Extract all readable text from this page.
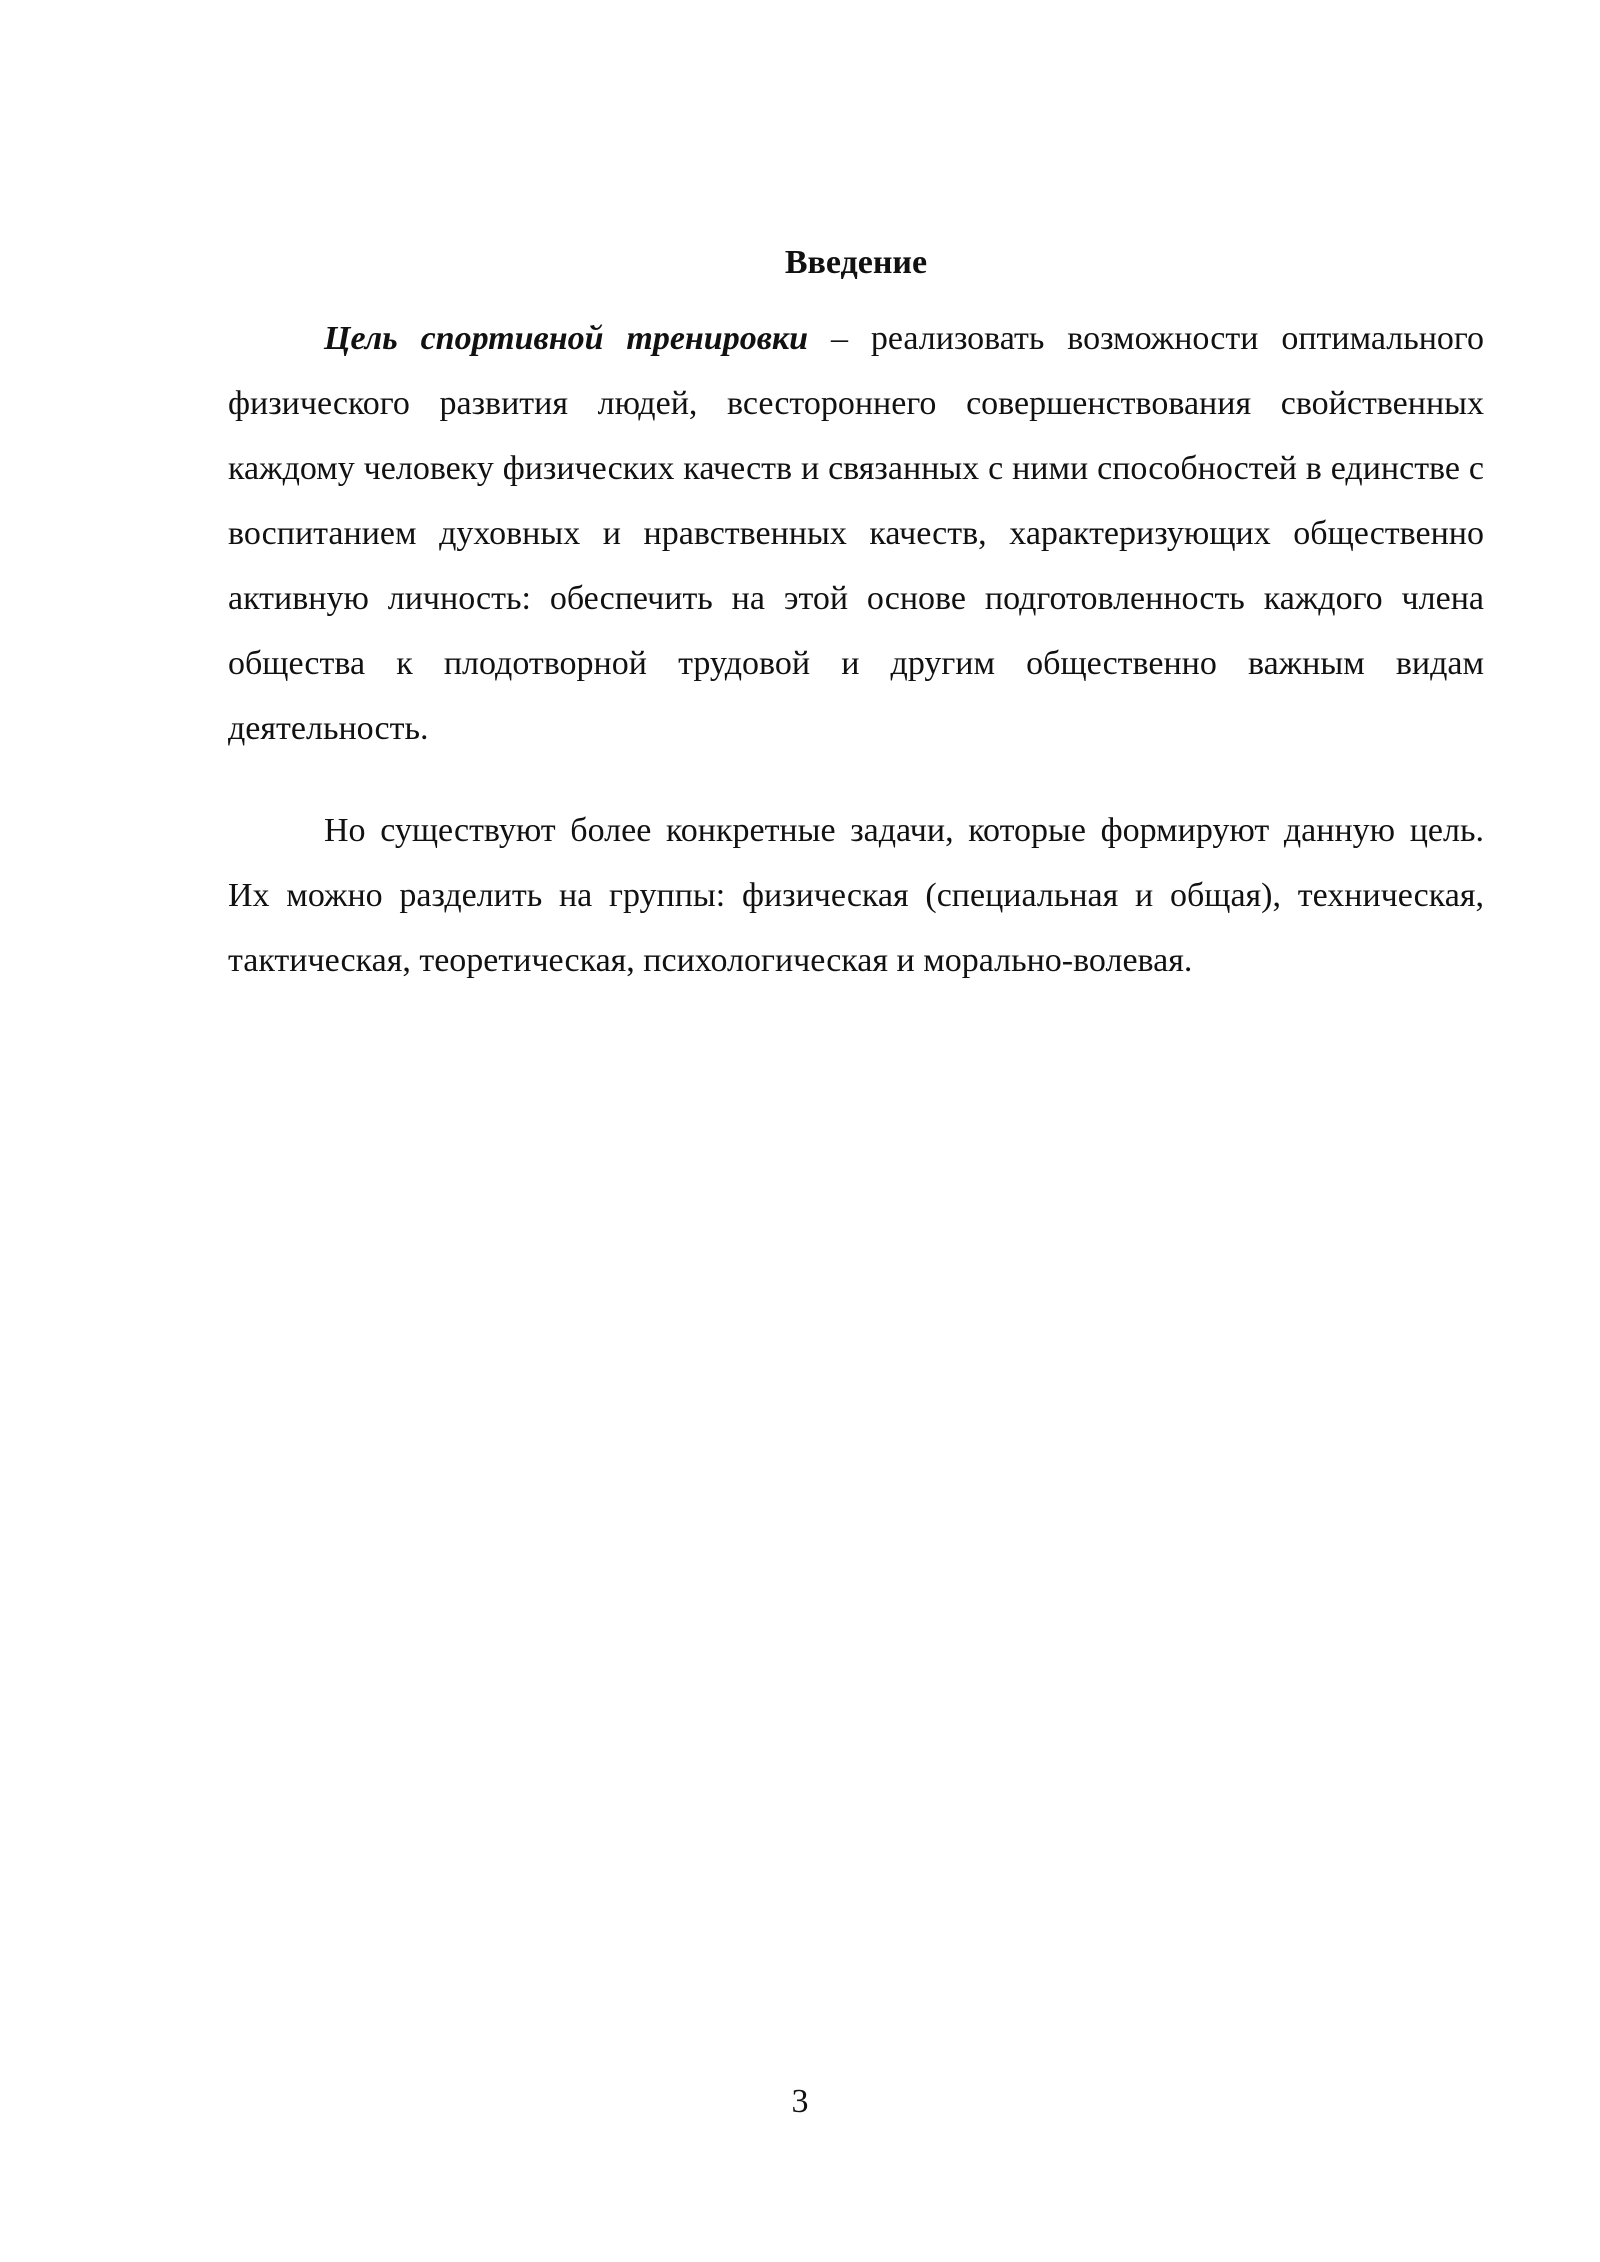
Введение

Цель спортивной тренировки – реализовать возможности оптимального физического развития людей, всестороннего совершенствования свойственных каждому человеку физических качеств и связанных с ними способностей в единстве с воспитанием духовных и нравственных качеств, характеризующих общественно активную личность: обеспечить на этой основе подготовленность каждого члена общества к плодотворной трудовой и другим общественно важным видам деятельность.

Но существуют более конкретные задачи, которые формируют данную цель. Их можно разделить на группы: физическая (специальная и общая), техническая, тактическая, теоретическая, психологическая и морально-волевая.

3
